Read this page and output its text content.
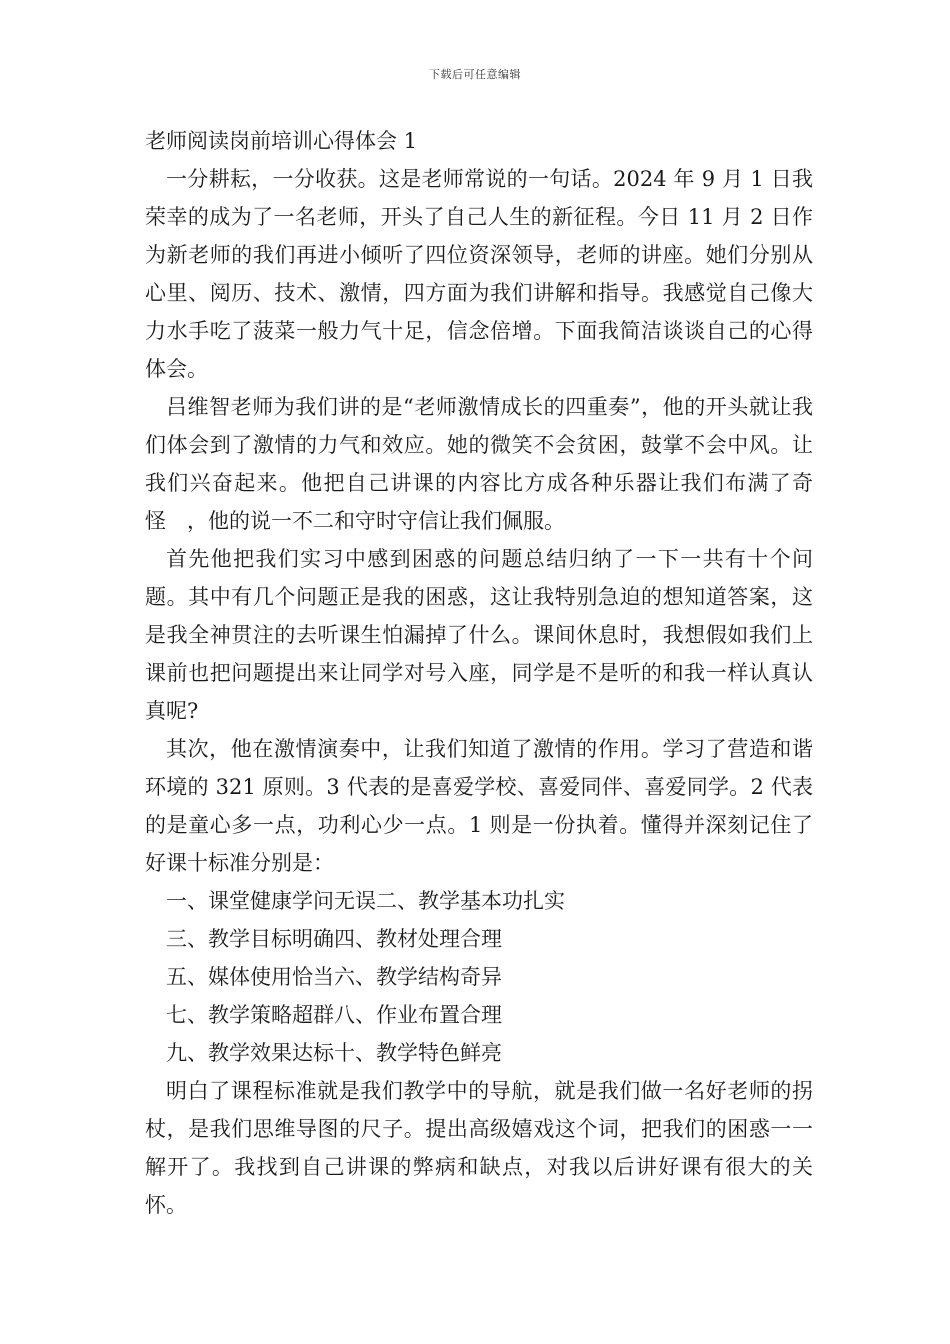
下载后可任意编辑

老师阅读岗前培训心得体会 1

一分耕耘，一分收获。这是老师常说的一句话。2024 年 9 月 1 日我荣幸的成为了一名老师，开头了自己人生的新征程。今日 11 月 2 日作为新老师的我们再进小倾听了四位资深领导，老师的讲座。她们分别从心里、阅历、技术、激情，四方面为我们讲解和指导。我感觉自己像大力水手吃了菠菜一般力气十足，信念倍增。下面我简洁谈谈自己的心得体会。

吕维智老师为我们讲的是“老师激情成长的四重奏”，他的开头就让我们体会到了激情的力气和效应。她的微笑不会贫困，鼓掌不会中风。让我们兴奋起来。他把自己讲课的内容比方成各种乐器让我们布满了奇怪　，他的说一不二和守时守信让我们佩服。

首先他把我们实习中感到困惑的问题总结归纳了一下一共有十个问题。其中有几个问题正是我的困惑，这让我特别急迫的想知道答案，这是我全神贯注的去听课生怕漏掉了什么。课间休息时，我想假如我们上课前也把问题提出来让同学对号入座，同学是不是听的和我一样认真认真呢?

其次，他在激情演奏中，让我们知道了激情的作用。学习了营造和谐环境的 321 原则。3 代表的是喜爱学校、喜爱同伴、喜爱同学。2 代表的是童心多一点，功利心少一点。1 则是一份执着。懂得并深刻记住了好课十标准分别是：

一、课堂健康学问无误二、教学基本功扎实

三、教学目标明确四、教材处理合理

五、媒体使用恰当六、教学结构奇异

七、教学策略超群八、作业布置合理

九、教学效果达标十、教学特色鲜亮

明白了课程标准就是我们教学中的导航，就是我们做一名好老师的拐杖，是我们思维导图的尺子。提出高级嬉戏这个词，把我们的困惑一一解开了。我找到自己讲课的弊病和缺点，对我以后讲好课有很大的关怀。
